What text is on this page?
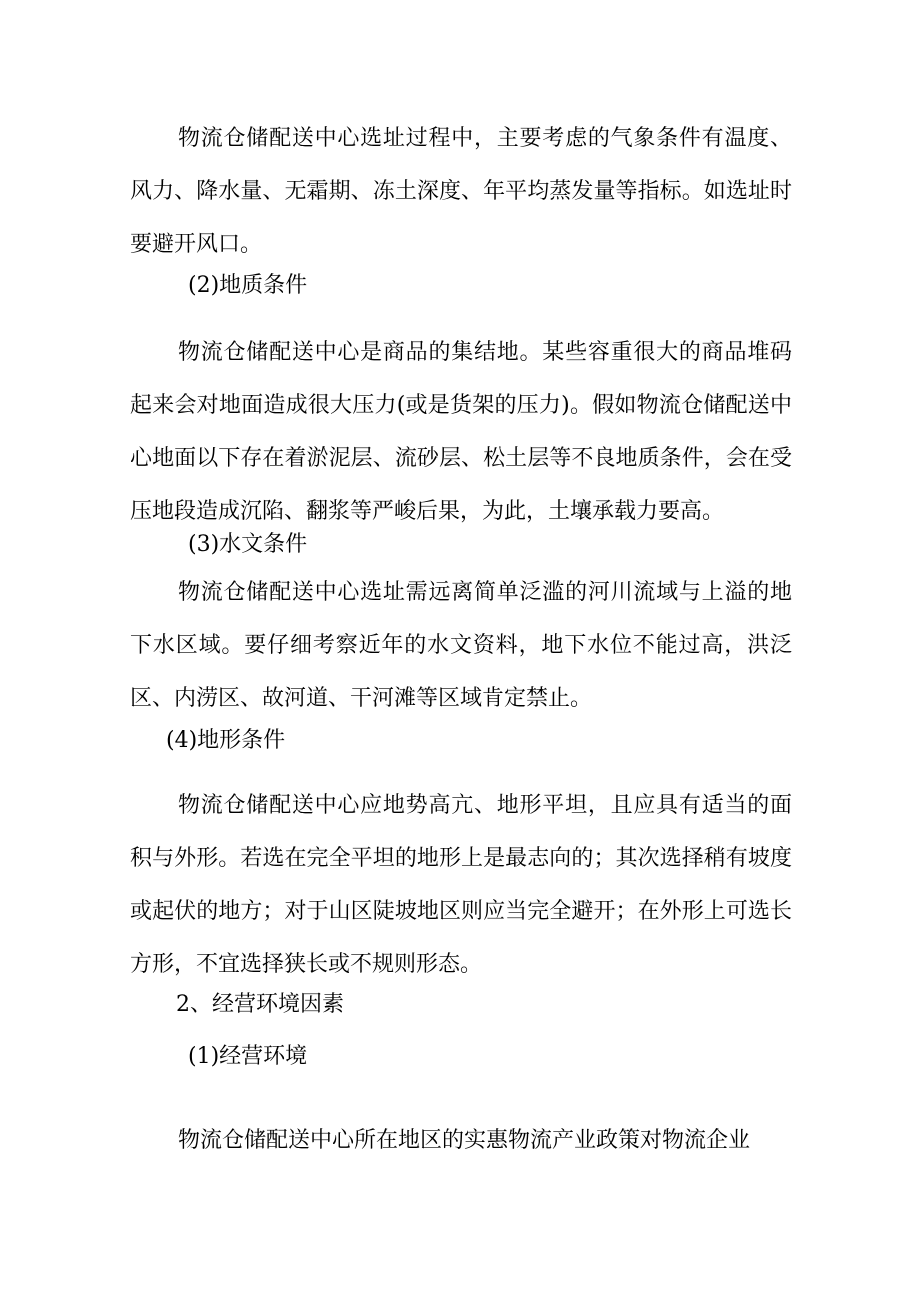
物流仓储配送中心选址过程中，主要考虑的气象条件有温度、风力、降水量、无霜期、冻土深度、年平均蒸发量等指标。如选址时要避开风口。

(2)地质条件

物流仓储配送中心是商品的集结地。某些容重很大的商品堆码起来会对地面造成很大压力(或是货架的压力)。假如物流仓储配送中心地面以下存在着淤泥层、流砂层、松土层等不良地质条件，会在受压地段造成沉陷、翻浆等严峻后果，为此，土壤承载力要高。

(3)水文条件

物流仓储配送中心选址需远离简单泛滥的河川流域与上溢的地下水区域。要仔细考察近年的水文资料，地下水位不能过高，洪泛区、内涝区、故河道、干河滩等区域肯定禁止。

(4)地形条件

物流仓储配送中心应地势高亢、地形平坦，且应具有适当的面积与外形。若选在完全平坦的地形上是最志向的；其次选择稍有坡度或起伏的地方；对于山区陡坡地区则应当完全避开；在外形上可选长方形，不宜选择狭长或不规则形态。

2、经营环境因素

(1)经营环境

物流仓储配送中心所在地区的实惠物流产业政策对物流企业
